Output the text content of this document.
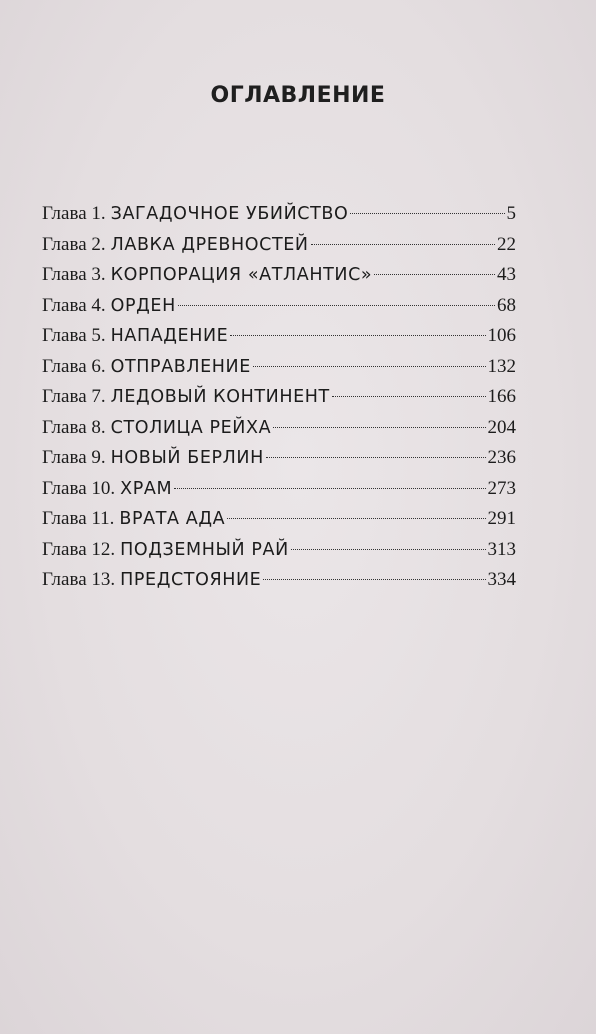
ОГЛАВЛЕНИЕ
Глава 1. ЗАГАДОЧНОЕ УБИЙСТВО	5
Глава 2. ЛАВКА ДРЕВНОСТЕЙ	22
Глава 3. КОРПОРАЦИЯ «АТЛАНТИС»	43
Глава 4. ОРДЕН	68
Глава 5. НАПАДЕНИЕ	106
Глава 6. ОТПРАВЛЕНИЕ	132
Глава 7. ЛЕДОВЫЙ КОНТИНЕНТ	166
Глава 8. СТОЛИЦА РЕЙХА	204
Глава 9. НОВЫЙ БЕРЛИН	236
Глава 10. ХРАМ	273
Глава 11. ВРАТА АДА	291
Глава 12. ПОДЗЕМНЫЙ РАЙ	313
Глава 13. ПРЕДСТОЯНИЕ	334
